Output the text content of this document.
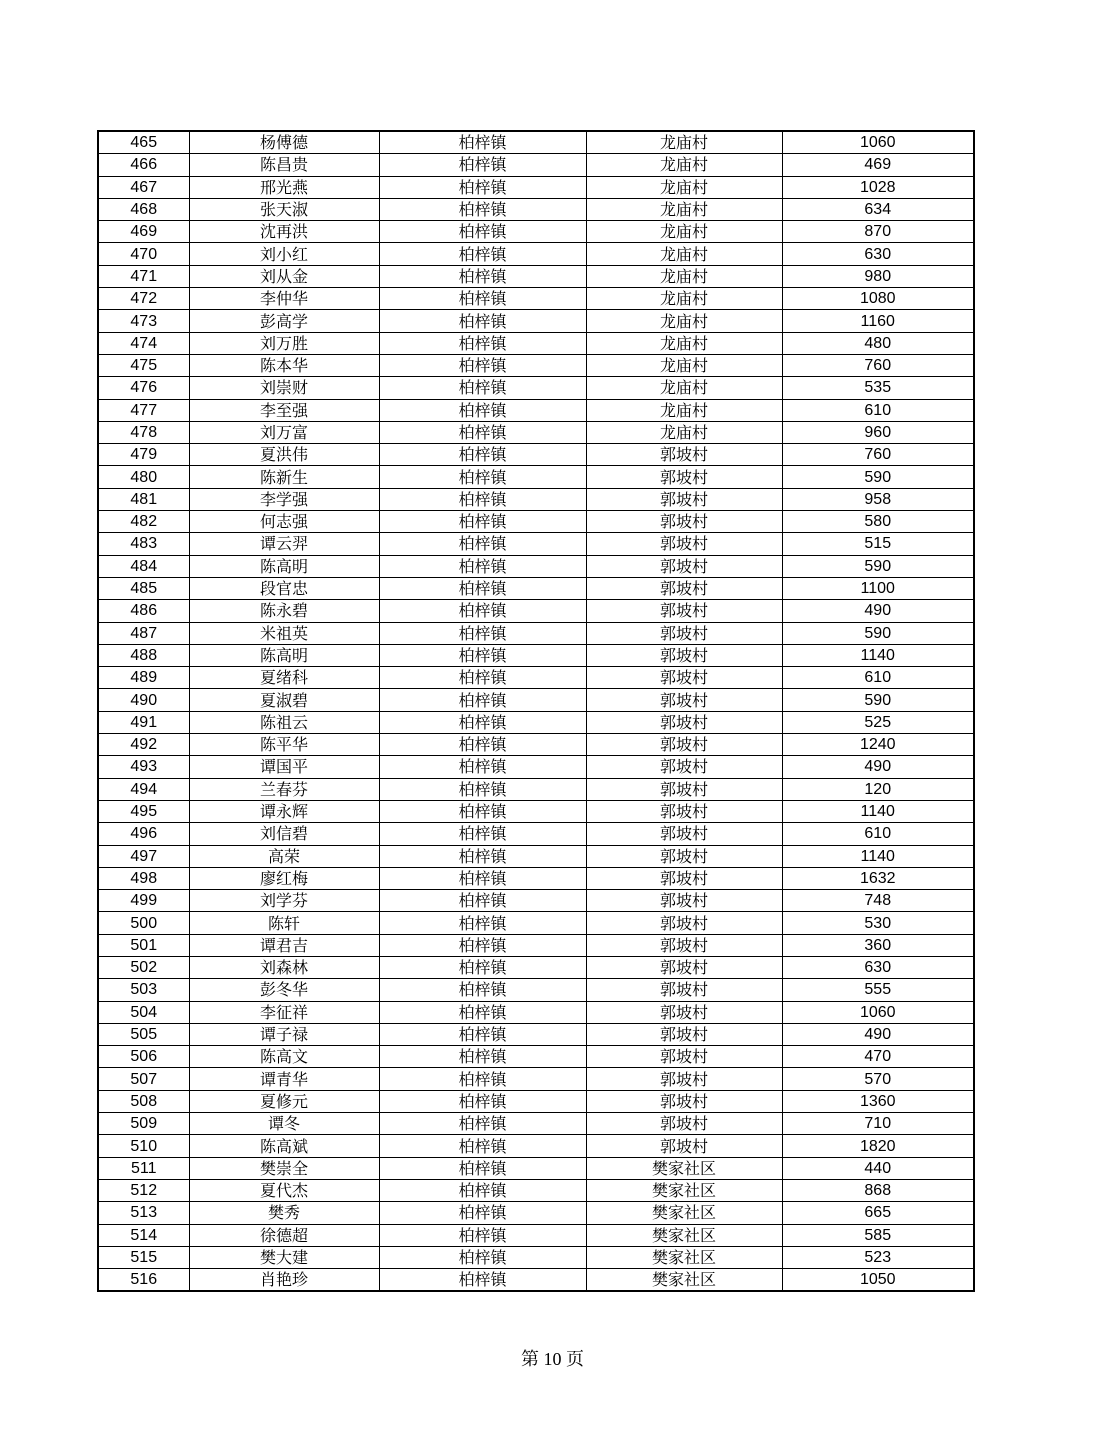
465	杨傅德	柏梓镇	龙庙村	1060
466	陈昌贵	柏梓镇	龙庙村	469
467	邢光燕	柏梓镇	龙庙村	1028
468	张天淑	柏梓镇	龙庙村	634
469	沈再洪	柏梓镇	龙庙村	870
470	刘小红	柏梓镇	龙庙村	630
471	刘从金	柏梓镇	龙庙村	980
472	李仲华	柏梓镇	龙庙村	1080
473	彭高学	柏梓镇	龙庙村	1160
474	刘万胜	柏梓镇	龙庙村	480
475	陈本华	柏梓镇	龙庙村	760
476	刘崇财	柏梓镇	龙庙村	535
477	李至强	柏梓镇	龙庙村	610
478	刘万富	柏梓镇	龙庙村	960
479	夏洪伟	柏梓镇	郭坡村	760
480	陈新生	柏梓镇	郭坡村	590
481	李学强	柏梓镇	郭坡村	958
482	何志强	柏梓镇	郭坡村	580
483	谭云羿	柏梓镇	郭坡村	515
484	陈高明	柏梓镇	郭坡村	590
485	段官忠	柏梓镇	郭坡村	1100
486	陈永碧	柏梓镇	郭坡村	490
487	米祖英	柏梓镇	郭坡村	590
488	陈高明	柏梓镇	郭坡村	1140
489	夏绪科	柏梓镇	郭坡村	610
490	夏淑碧	柏梓镇	郭坡村	590
491	陈祖云	柏梓镇	郭坡村	525
492	陈平华	柏梓镇	郭坡村	1240
493	谭国平	柏梓镇	郭坡村	490
494	兰春芬	柏梓镇	郭坡村	120
495	谭永辉	柏梓镇	郭坡村	1140
496	刘信碧	柏梓镇	郭坡村	610
497	高荣	柏梓镇	郭坡村	1140
498	廖红梅	柏梓镇	郭坡村	1632
499	刘学芬	柏梓镇	郭坡村	748
500	陈轩	柏梓镇	郭坡村	530
501	谭君吉	柏梓镇	郭坡村	360
502	刘森林	柏梓镇	郭坡村	630
503	彭冬华	柏梓镇	郭坡村	555
504	李征祥	柏梓镇	郭坡村	1060
505	谭子禄	柏梓镇	郭坡村	490
506	陈高文	柏梓镇	郭坡村	470
507	谭青华	柏梓镇	郭坡村	570
508	夏修元	柏梓镇	郭坡村	1360
509	谭冬	柏梓镇	郭坡村	710
510	陈高斌	柏梓镇	郭坡村	1820
511	樊崇全	柏梓镇	樊家社区	440
512	夏代杰	柏梓镇	樊家社区	868
513	樊秀	柏梓镇	樊家社区	665
514	徐德超	柏梓镇	樊家社区	585
515	樊大建	柏梓镇	樊家社区	523
516	肖艳珍	柏梓镇	樊家社区	1050
第 10 页
